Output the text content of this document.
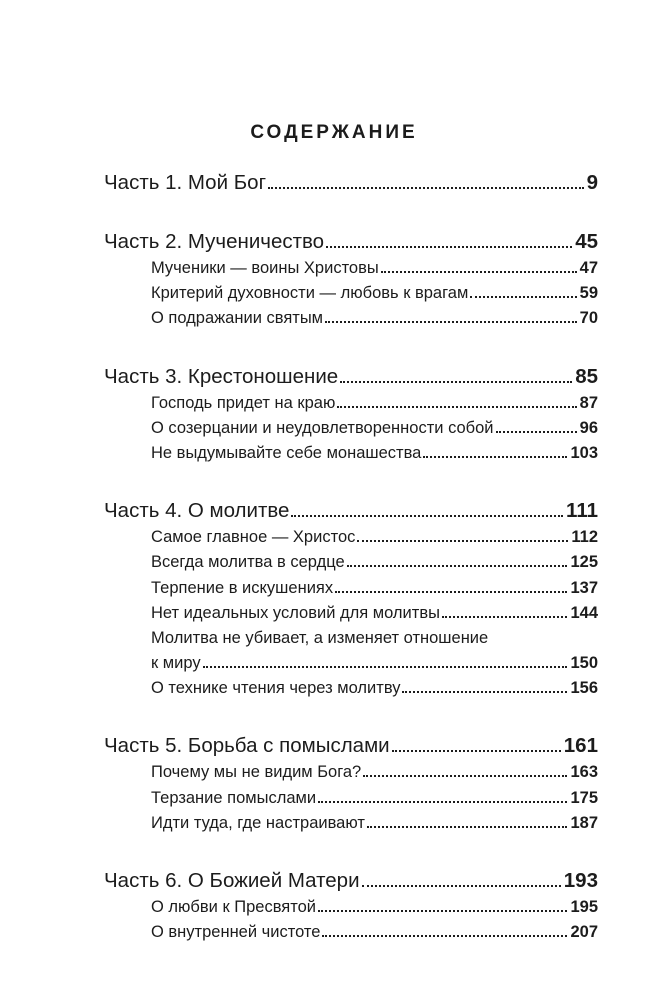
СОДЕРЖАНИЕ
Часть 1. Мой Бог	9
Часть 2. Мученичество	45
Мученики — воины Христовы	47
Критерий духовности — любовь к врагам	59
О подражании святым	70
Часть 3. Крестоношение	85
Господь придет на краю	87
О созерцании и неудовлетворенности собой	96
Не выдумывайте себе монашества	103
Часть 4. О молитве	111
Самое главное — Христос	112
Всегда молитва в сердце	125
Терпение в искушениях	137
Нет идеальных условий для молитвы	144
Молитва не убивает, а изменяет отношение
к миру	150
О технике чтения через молитву	156
Часть 5. Борьба с помыслами	161
Почему мы не видим Бога?	163
Терзание помыслами	175
Идти туда, где настраивают	187
Часть 6. О Божией Матери	193
О любви к Пресвятой	195
О внутренней чистоте	207
